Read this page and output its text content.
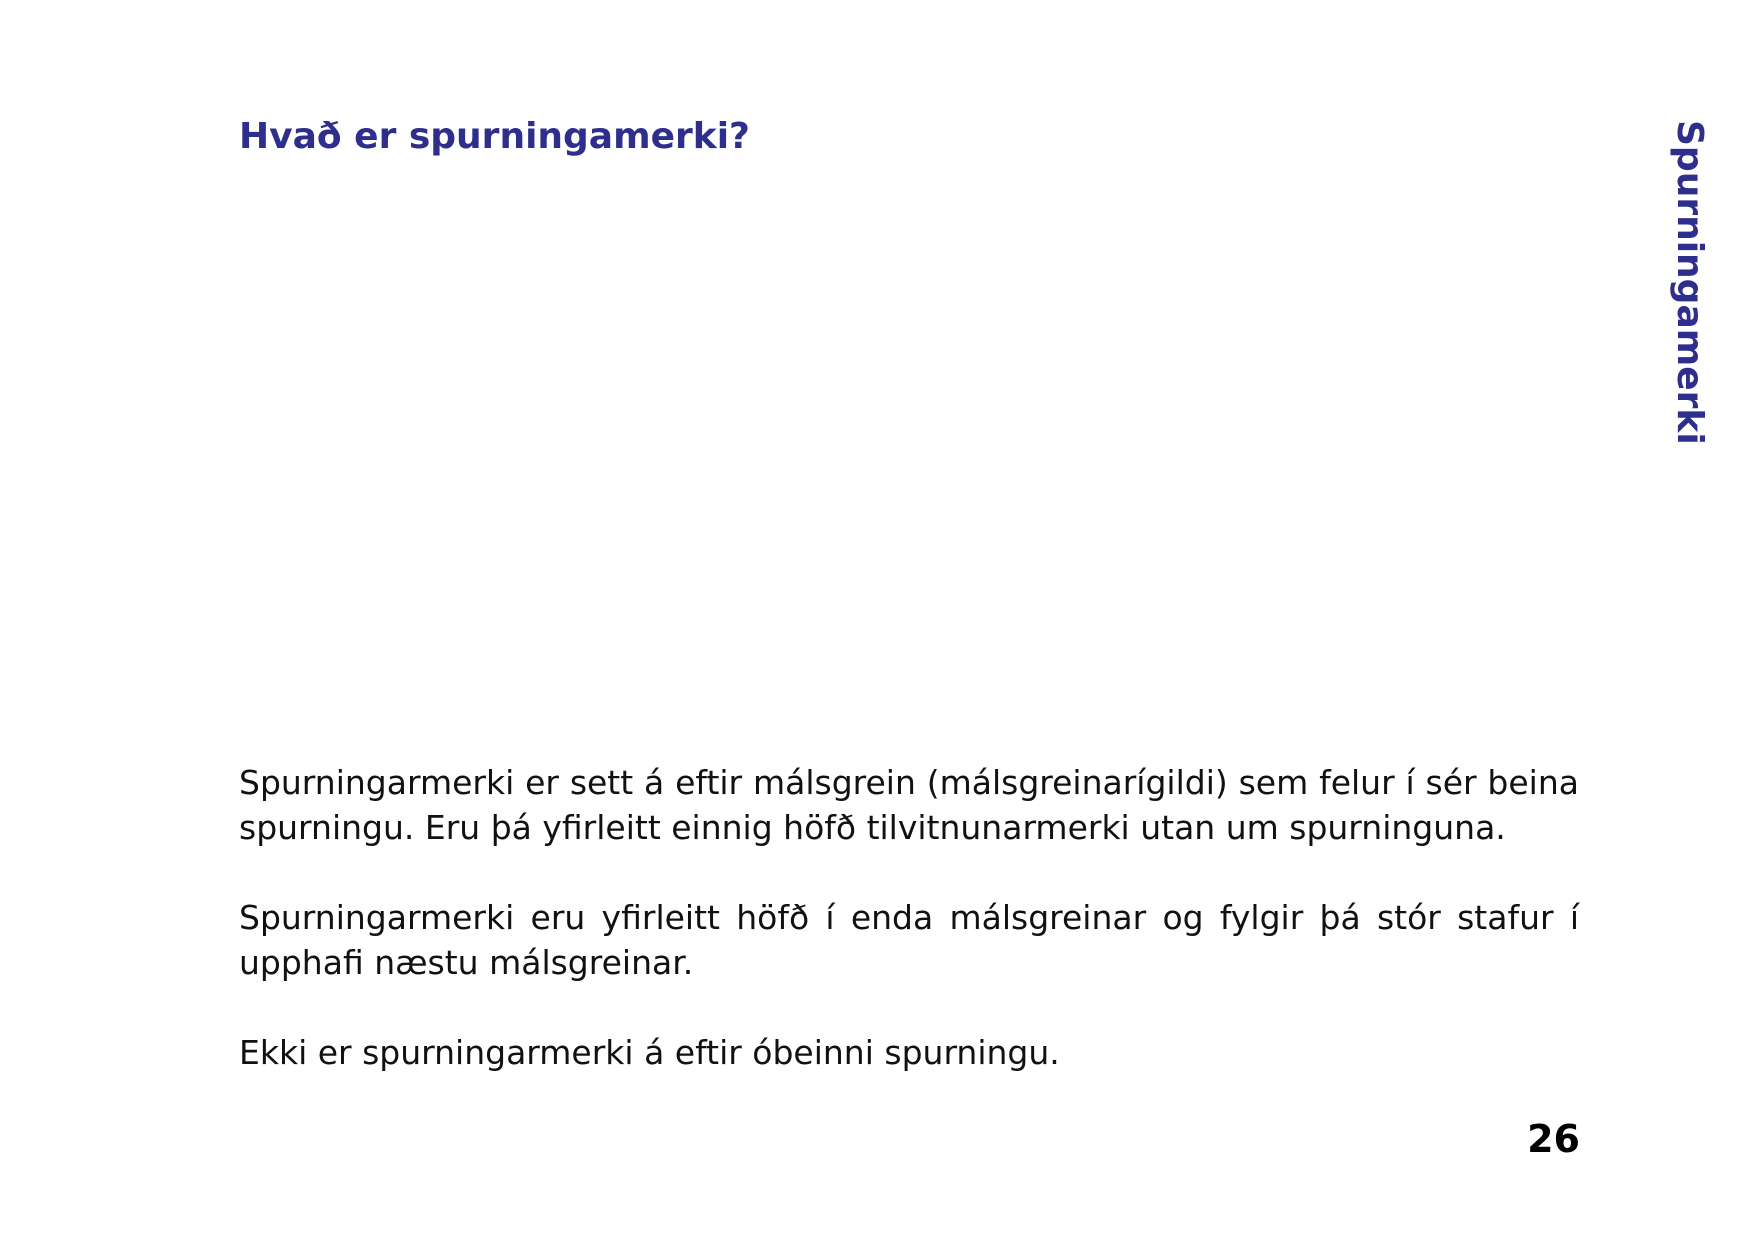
Hvað er spurningamerki?	Spurningamerki

Spurningarmerki er sett á eftir málsgrein (málsgreinarígildi) sem felur í sér beina spurningu. Eru þá yfirleitt einnig höfð tilvitnunarmerki utan um spurninguna.

Spurningarmerki eru yfirleitt höfð í enda málsgreinar og fylgir þá stór stafur í upphafi næstu málsgreinar.

Ekki er spurningarmerki á eftir óbeinni spurningu.

26
